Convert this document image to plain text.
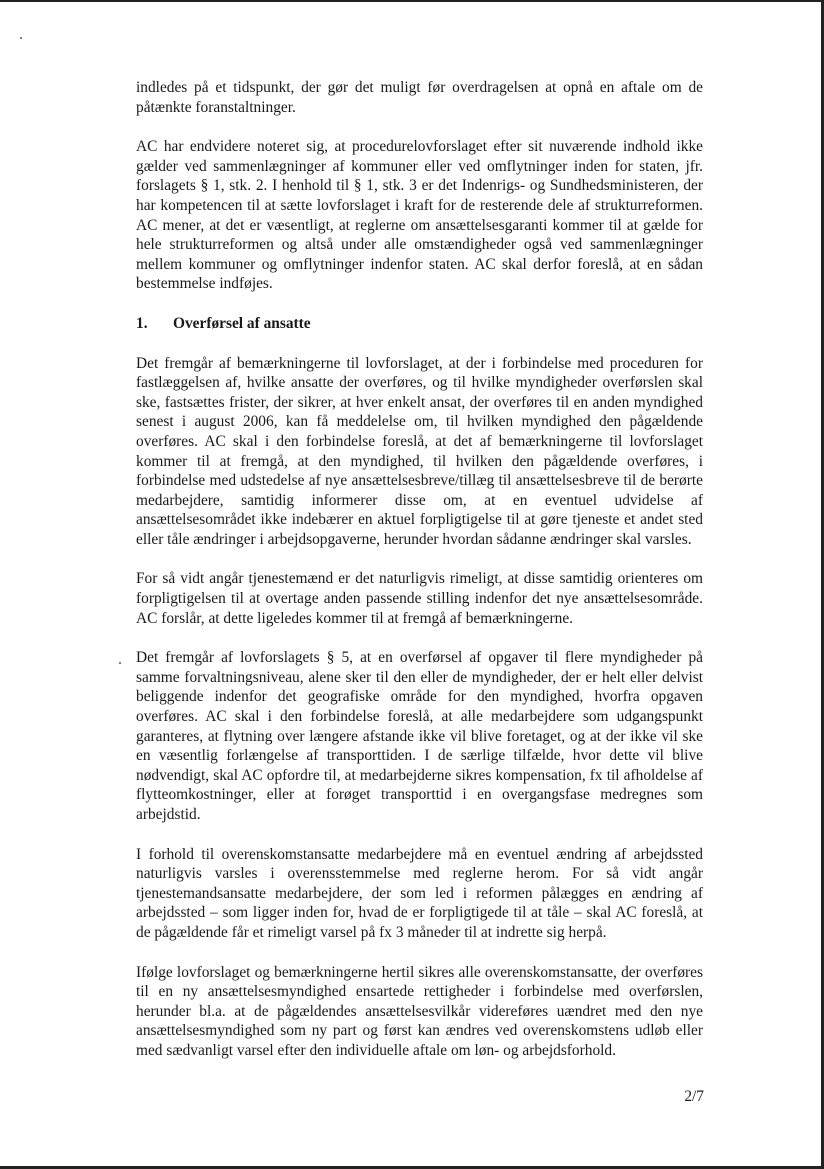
indledes på et tidspunkt, der gør det muligt før overdragelsen at opnå en aftale om de påtænkte foranstaltninger.

AC har endvidere noteret sig, at procedurelovforslaget efter sit nuværende indhold ikke gælder ved sammenlægninger af kommuner eller ved omflytninger inden for staten, jfr. forslagets § 1, stk. 2. I henhold til § 1, stk. 3 er det Indenrigs- og Sundhedsministeren, der har kompetencen til at sætte lovforslaget i kraft for de resterende dele af strukturreformen. AC mener, at det er væsentligt, at reglerne om ansættelsesgaranti kommer til at gælde for hele strukturreformen og altså under alle omstændigheder også ved sammenlægninger mellem kommuner og omflytninger indenfor staten. AC skal derfor foreslå, at en sådan bestemmelse indføjes.

1. Overførsel af ansatte

Det fremgår af bemærkningerne til lovforslaget, at der i forbindelse med proceduren for fastlæggelsen af, hvilke ansatte der overføres, og til hvilke myndigheder overførslen skal ske, fastsættes frister, der sikrer, at hver enkelt ansat, der overføres til en anden myndighed senest i august 2006, kan få meddelelse om, til hvilken myndighed den pågældende overføres. AC skal i den forbindelse foreslå, at det af bemærkningerne til lovforslaget kommer til at fremgå, at den myndighed, til hvilken den pågældende overføres, i forbindelse med udstedelse af nye ansættelsesbreve/tillæg til ansættelsesbreve til de berørte medarbejdere, samtidig informerer disse om, at en eventuel udvidelse af ansættelsesområdet ikke indebærer en aktuel forpligtigelse til at gøre tjeneste et andet sted eller tåle ændringer i arbejdsopgaverne, herunder hvordan sådanne ændringer skal varsles.

For så vidt angår tjenestemænd er det naturligvis rimeligt, at disse samtidig orienteres om forpligtigelsen til at overtage anden passende stilling indenfor det nye ansættelsesområde. AC forslår, at dette ligeledes kommer til at fremgå af bemærkningerne.

Det fremgår af lovforslagets § 5, at en overførsel af opgaver til flere myndigheder på samme forvaltningsniveau, alene sker til den eller de myndigheder, der er helt eller delvist beliggende indenfor det geografiske område for den myndighed, hvorfra opgaven overføres. AC skal i den forbindelse foreslå, at alle medarbejdere som udgangspunkt garanteres, at flytning over længere afstande ikke vil blive foretaget, og at der ikke vil ske en væsentlig forlængelse af transporttiden. I de særlige tilfælde, hvor dette vil blive nødvendigt, skal AC opfordre til, at medarbejderne sikres kompensation, fx til afholdelse af flytteomkostninger, eller at forøget transporttid i en overgangsfase medregnes som arbejdstid.

I forhold til overenskomstansatte medarbejdere må en eventuel ændring af arbejdssted naturligvis varsles i overensstemmelse med reglerne herom. For så vidt angår tjenestemandsansatte medarbejdere, der som led i reformen pålægges en ændring af arbejdssted – som ligger inden for, hvad de er forpligtigede til at tåle – skal AC foreslå, at de pågældende får et rimeligt varsel på fx 3 måneder til at indrette sig herpå.

Ifølge lovforslaget og bemærkningerne hertil sikres alle overenskomstansatte, der overføres til en ny ansættelsesmyndighed ensartede rettigheder i forbindelse med overførslen, herunder bl.a. at de pågældendes ansættelsesvilkår videreføres uændret med den nye ansættelsesmyndighed som ny part og først kan ændres ved overenskomstens udløb eller med sædvanligt varsel efter den individuelle aftale om løn- og arbejdsforhold.

2/7
